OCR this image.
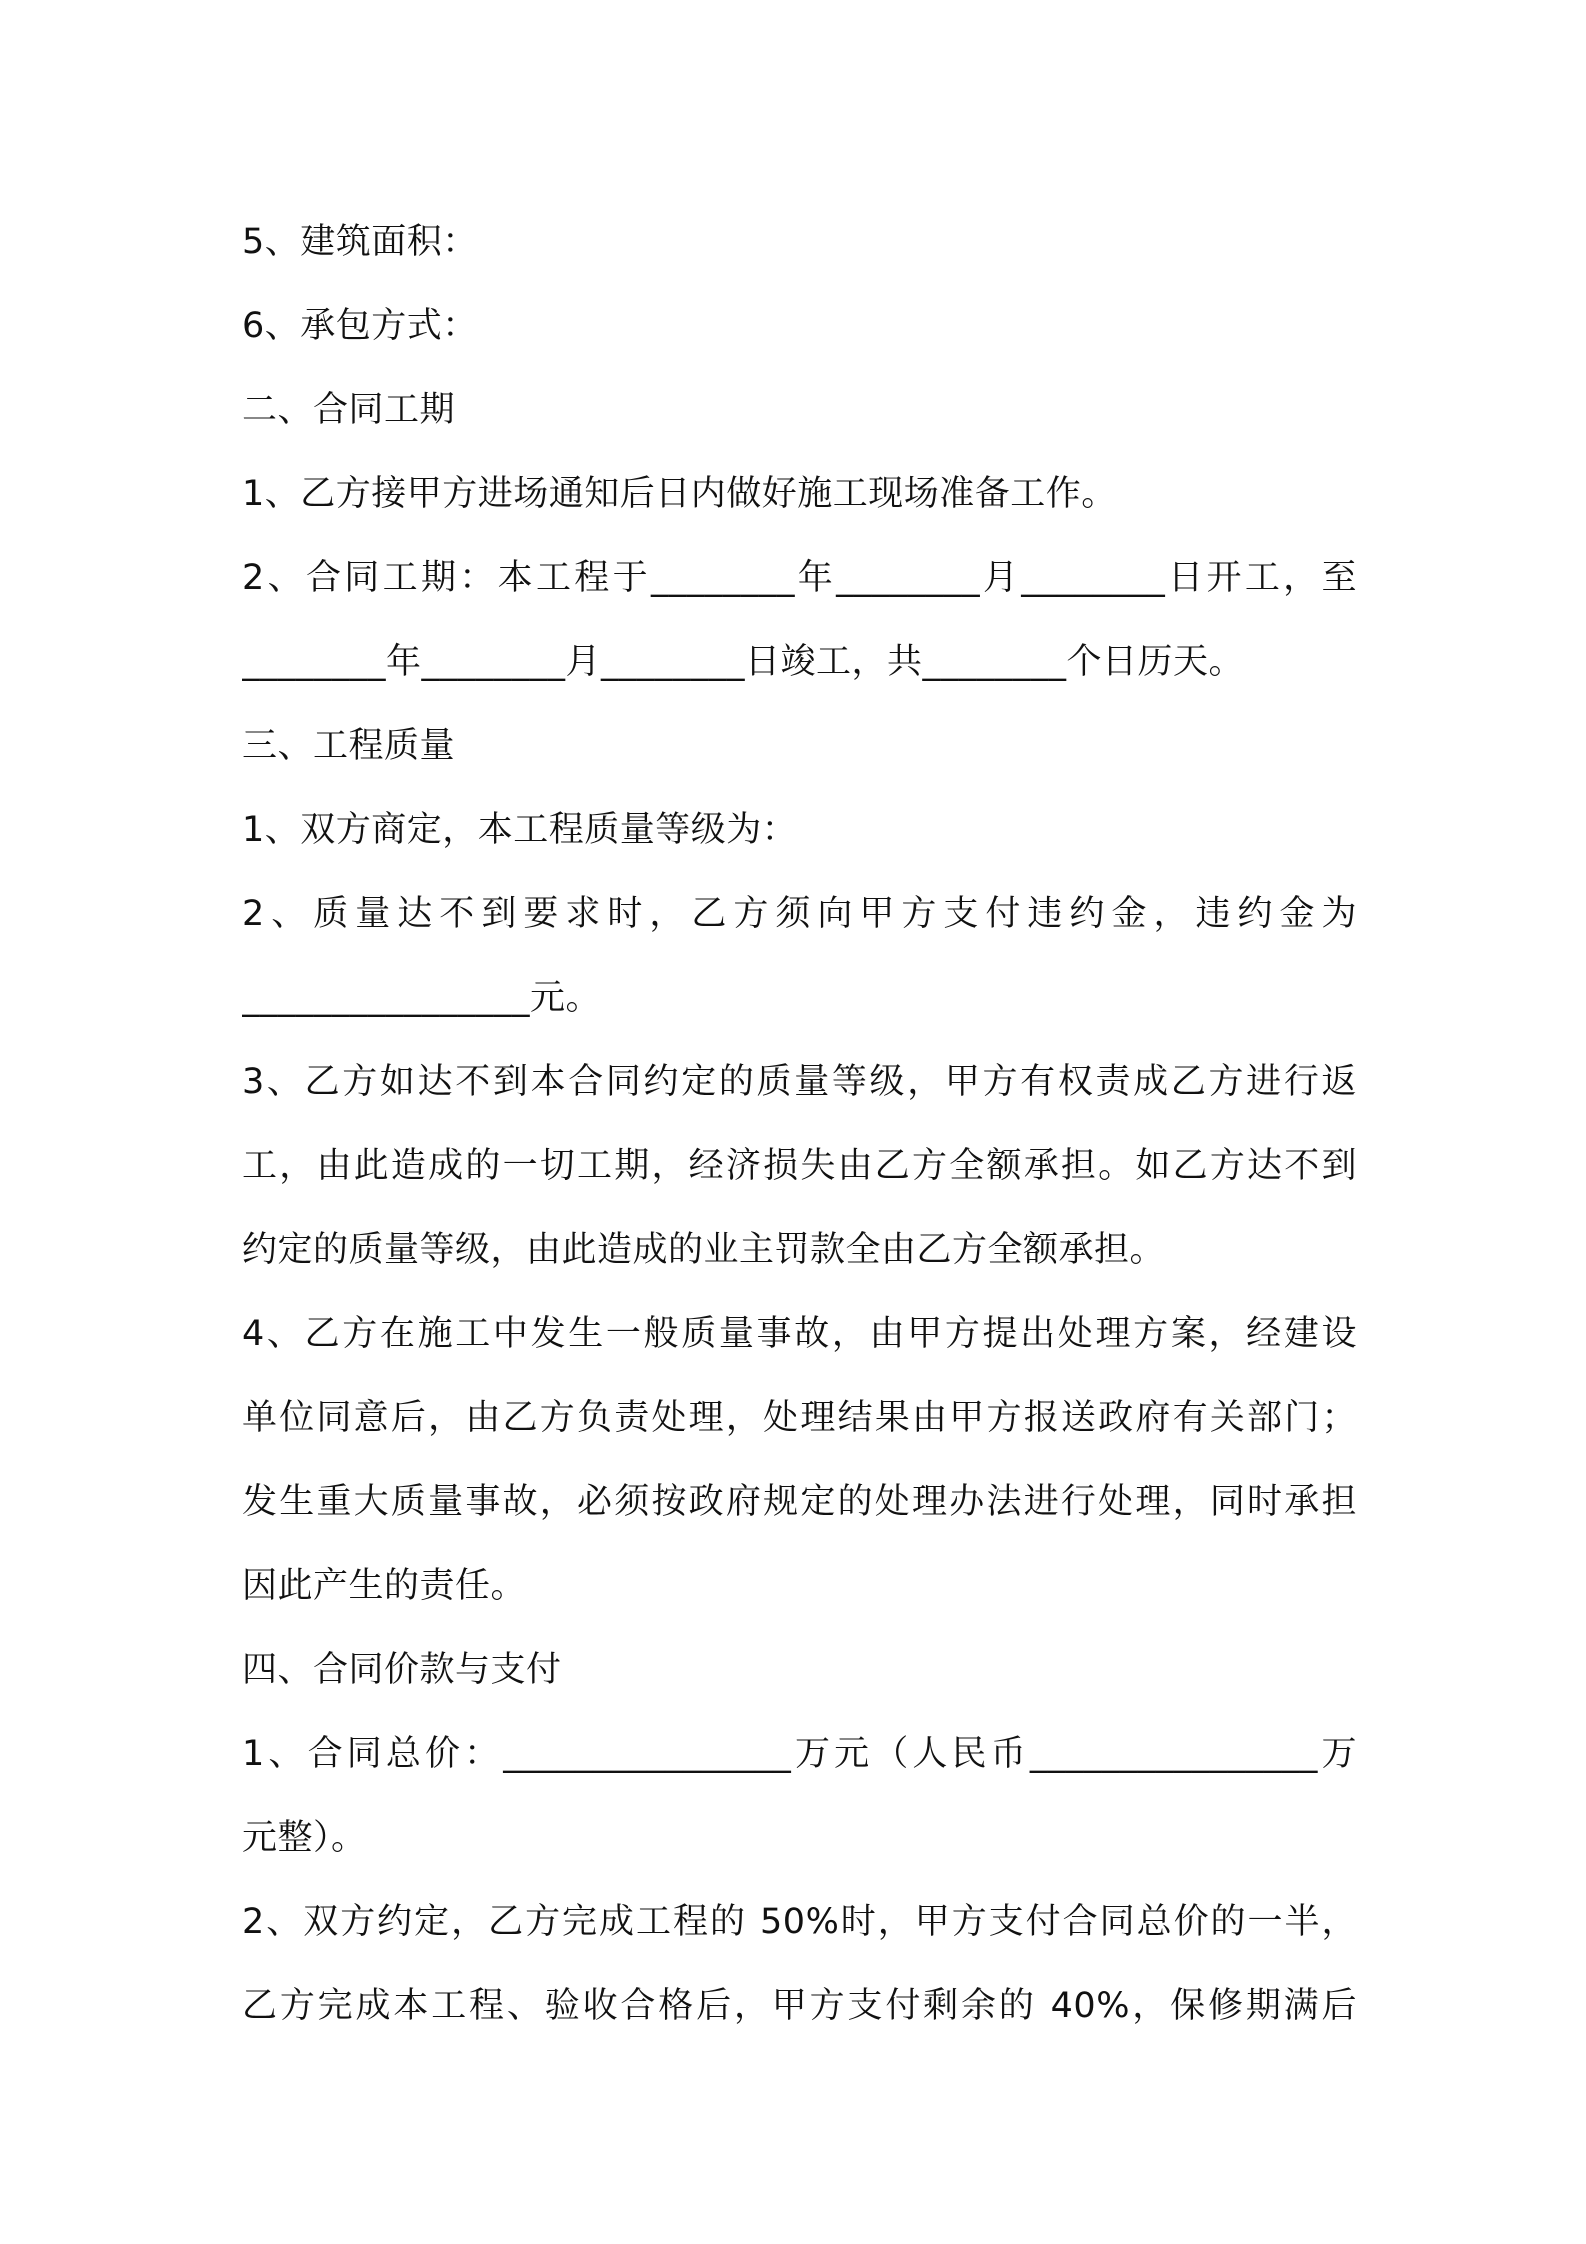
5、建筑面积：
6、承包方式：
二、合同工期
1、乙方接甲方进场通知后日内做好施工现场准备工作。
2、合同工期：本工程于________年________月________日开工，至
________年________月________日竣工，共________个日历天。
三、工程质量
1、双方商定，本工程质量等级为：
2、质量达不到要求时，乙方须向甲方支付违约金，违约金为
________________元。
3、乙方如达不到本合同约定的质量等级，甲方有权责成乙方进行返
工，由此造成的一切工期，经济损失由乙方全额承担。如乙方达不到
约定的质量等级，由此造成的业主罚款全由乙方全额承担。
4、乙方在施工中发生一般质量事故，由甲方提出处理方案，经建设
单位同意后，由乙方负责处理，处理结果由甲方报送政府有关部门；
发生重大质量事故，必须按政府规定的处理办法进行处理，同时承担
因此产生的责任。
四、合同价款与支付
1、合同总价：________________万元（人民币________________万
元整）。
2、双方约定，乙方完成工程的 50%时，甲方支付合同总价的一半，
乙方完成本工程、验收合格后，甲方支付剩余的 40%，保修期满后
